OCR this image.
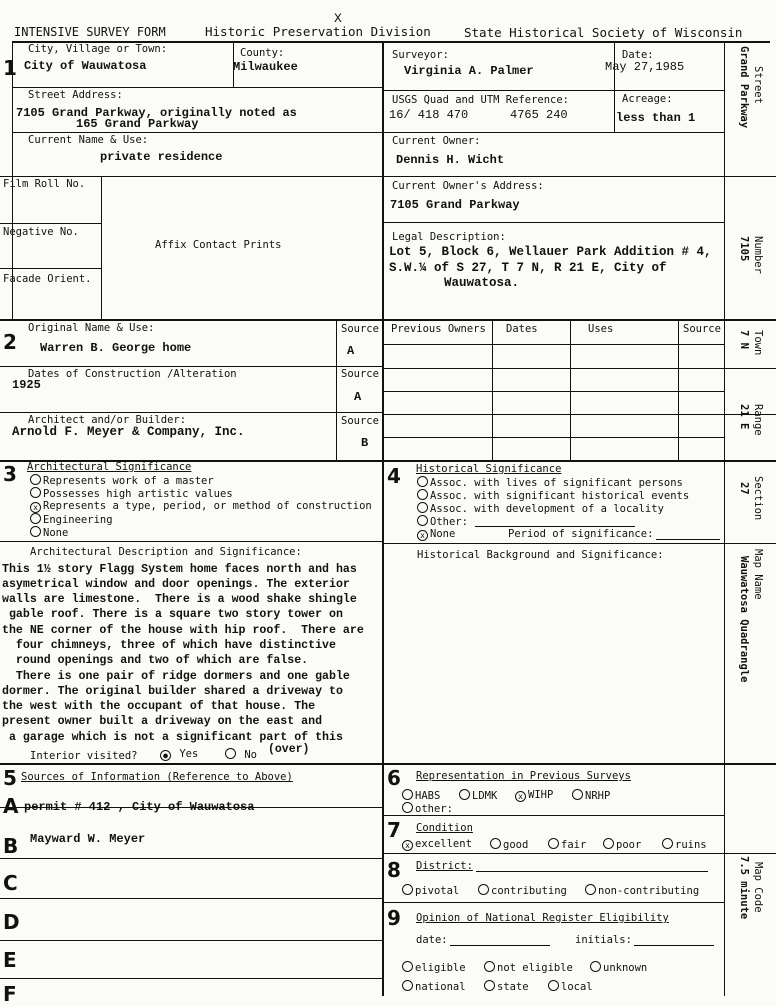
X
INTENSIVE SURVEY FORM	Historic Preservation Division	State Historical Society of Wisconsin
1
City, Village or Town:
City of Wauwatosa
County:
Milwaukee
Surveyor:
Virginia A. Palmer
Date:
May 27,1985
Street Address:
7105 Grand Parkway, originally noted as
165 Grand Parkway
USGS Quad and UTM Reference:
16/ 418 470	4765 240
Acreage:
less than 1
Current Name & Use:
private residence
Current Owner:
Dennis H. Wicht
Film Roll No.
Affix Contact Prints
Current Owner's Address:
7105 Grand Parkway
Negative No.	Legal Description:
Lot 5, Block 6, Wellauer Park Addition # 4,
S.W.¼ of S 27, T 7 N, R 21 E, City of
Wauwatosa.
Facade Orient.
2
Original Name & Use:
Warren B. George home
Source
A
Dates of Construction /Alteration
1925
Source
A
Architect and/or Builder:
Arnold F. Meyer & Company, Inc.
Source
B
Previous Owners Dates	Uses	Source
3 Architectural Significance
Represents work of a master
Possesses high artistic values
x Represents a type, period, or method of construction
Engineering
None
4 Historical Significance
Assoc. with lives of significant persons
Assoc. with significant historical events
Assoc. with development of a locality
Other:
x None	Period of significance:
Architectural Description and Significance:
This 1½ story Flagg System home faces north and has
asymetrical window and door openings. The exterior
walls are limestone.  There is a wood shake shingle
gable roof. There is a square two story tower on
the NE corner of the house with hip roof.  There are
four chimneys, three of which have distinctive
round openings and two of which are false.
There is one pair of ridge dormers and one gable
dormer. The original builder shared a driveway to
the west with the occupant of that house. The
present owner built a driveway on the east and
a garage which is not a significant part of this
Interior visited?	● Yes	No (over)
Historical Background and Significance:
5 Sources of Information (Reference to Above)
A permit # 412 , City of Wauwatosa
B Mayward W. Meyer
C
D
E
F
6 Representation in Previous Surveys
HABS	LDMK	x WIHP	NRHP
other:
7 Condition
x excellent	good	fair	poor	ruins
8 District:
pivotal	contributing	non-contributing
9 Opinion of National Register Eligibility
date:	initials:
eligible	not eligible	unknown
national	state	local
Street
Grand Parkway
Number
7105
Town
7 N
Range
21 E
Section
27
Map Name
Wauwatosa Quadrangle
Map Code
7.5 minute
